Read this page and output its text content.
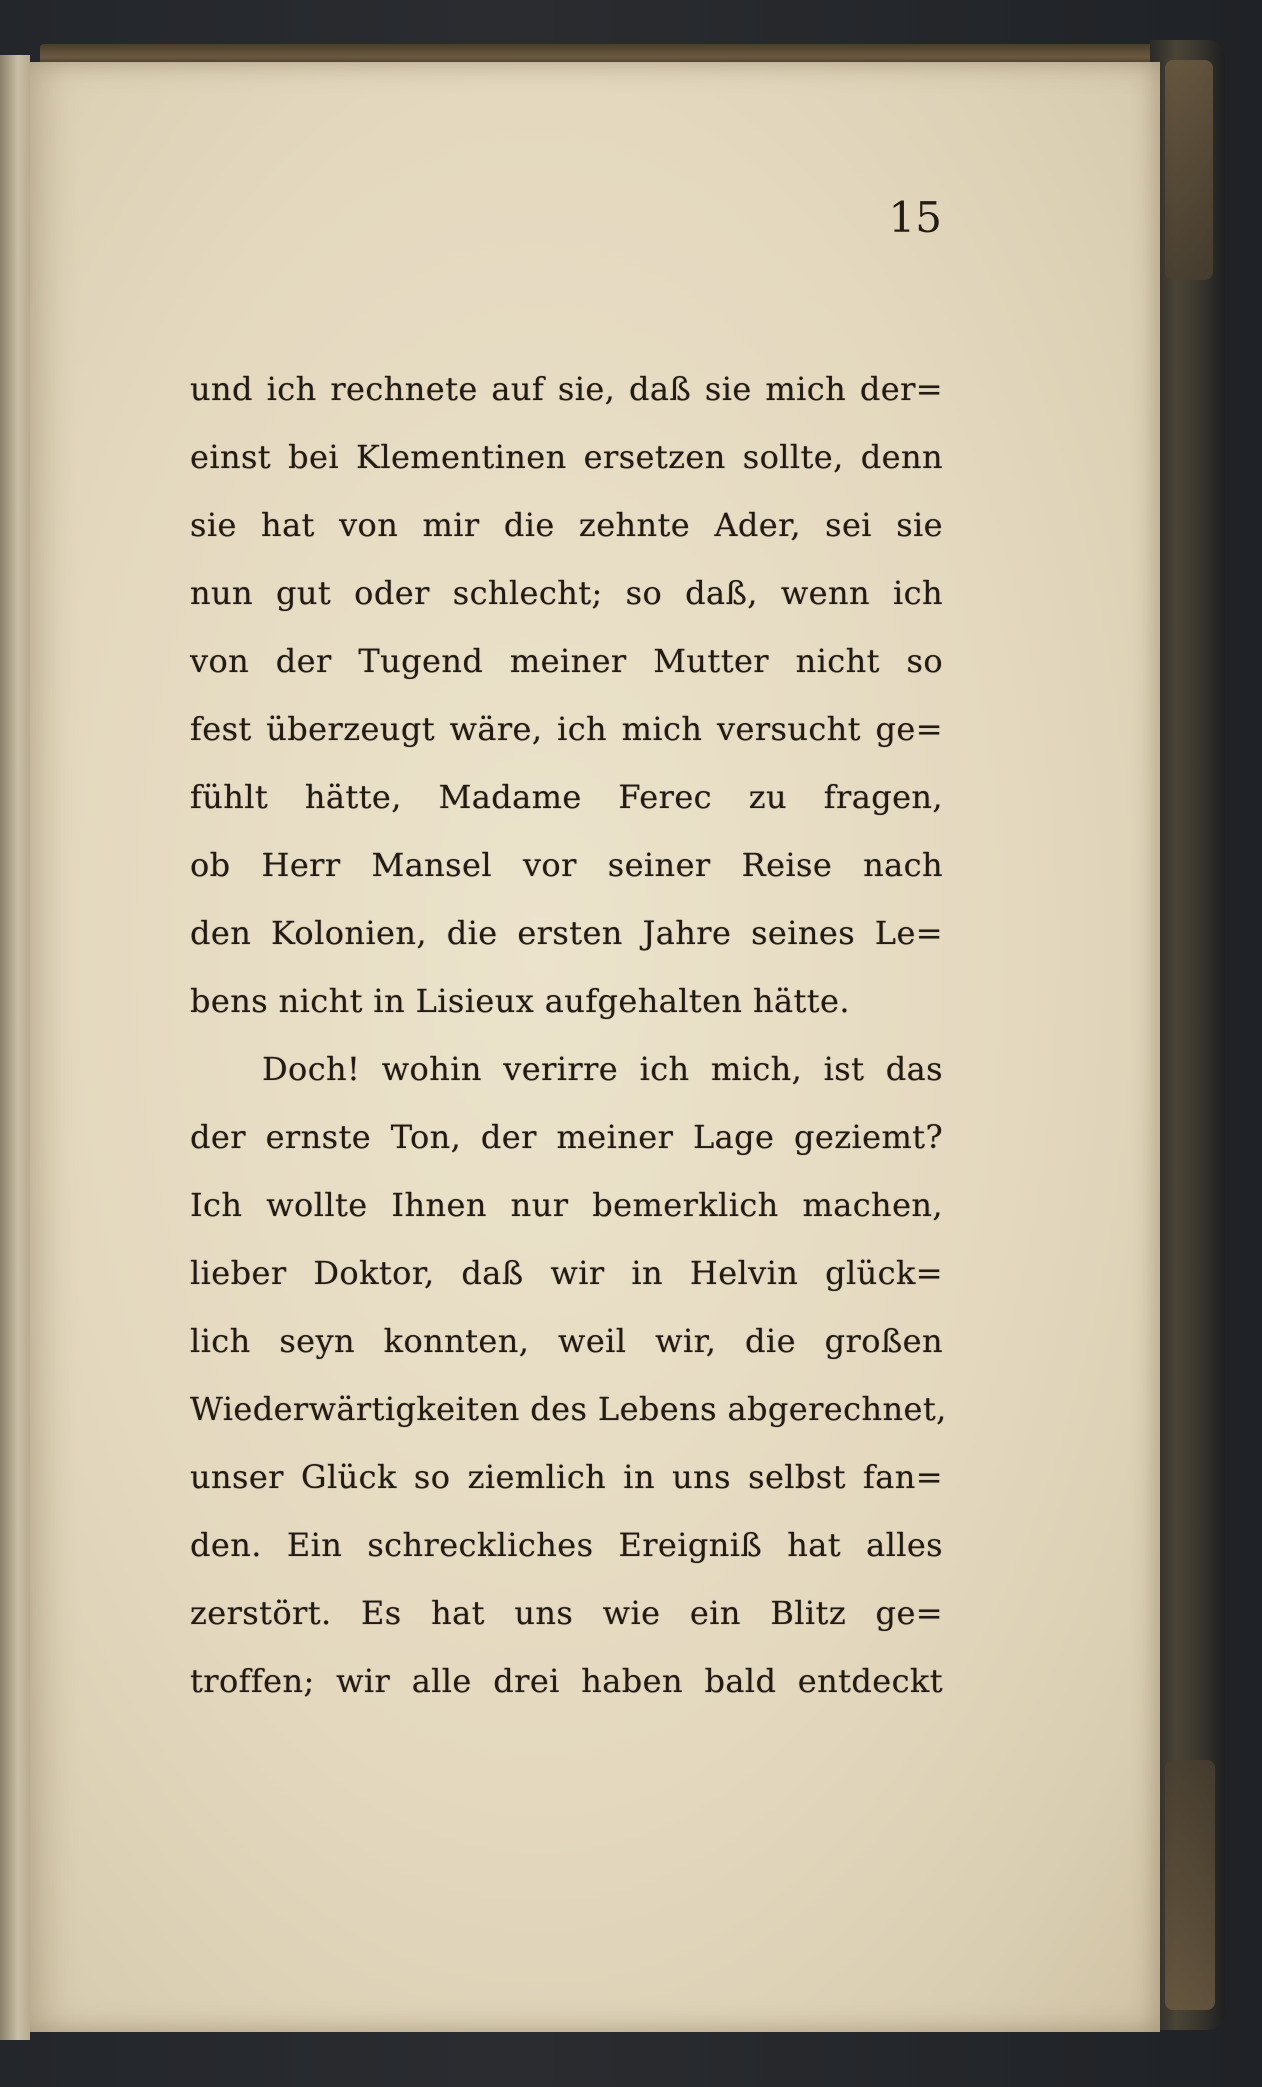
15

und ich rechnete auf sie, daß sie mich der=
einst bei Klementinen ersetzen sollte, denn
sie hat von mir die zehnte Ader, sei sie
nun gut oder schlecht; so daß, wenn ich
von der Tugend meiner Mutter nicht so
fest überzeugt wäre, ich mich versucht ge=
fühlt hätte, Madame Ferec zu fragen,
ob Herr Mansel vor seiner Reise nach
den Kolonien, die ersten Jahre seines Le=
bens nicht in Lisieux aufgehalten hätte.
Doch! wohin verirre ich mich, ist das
der ernste Ton, der meiner Lage geziemt?
Ich wollte Ihnen nur bemerklich machen,
lieber Doktor, daß wir in Helvin glück=
lich seyn konnten, weil wir, die großen
Wiederwärtigkeiten des Lebens abgerechnet,
unser Glück so ziemlich in uns selbst fan=
den. Ein schreckliches Ereigniß hat alles
zerstört. Es hat uns wie ein Blitz ge=
troffen; wir alle drei haben bald entdeckt
